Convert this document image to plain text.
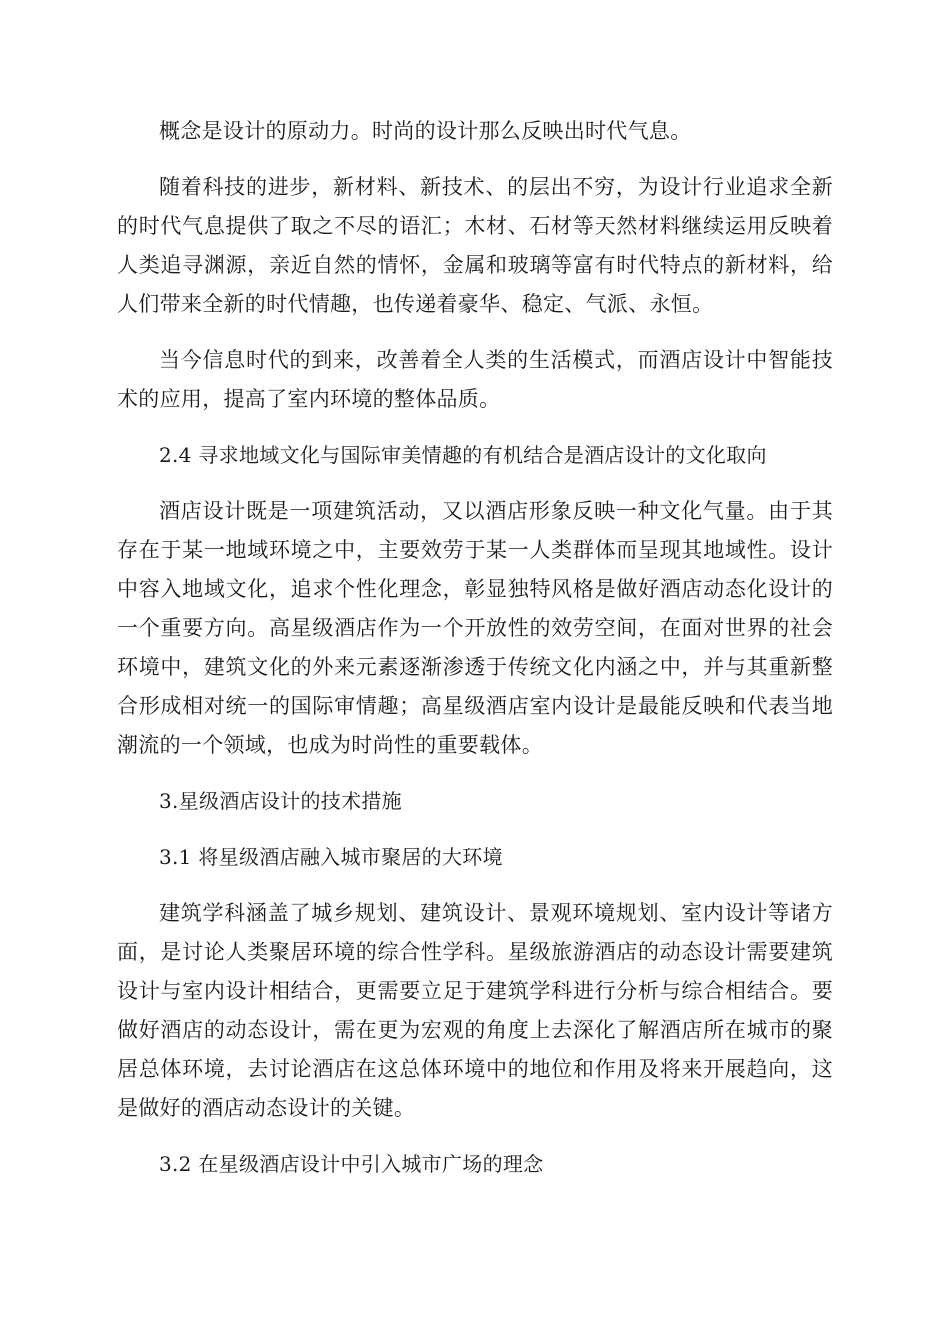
概念是设计的原动力。时尚的设计那么反映出时代气息。

随着科技的进步，新材料、新技术、的层出不穷，为设计行业追求全新的时代气息提供了取之不尽的语汇；木材、石材等天然材料继续运用反映着人类追寻渊源，亲近自然的情怀，金属和玻璃等富有时代特点的新材料，给人们带来全新的时代情趣，也传递着豪华、稳定、气派、永恒。

当今信息时代的到来，改善着全人类的生活模式，而酒店设计中智能技术的应用，提高了室内环境的整体品质。

2.4 寻求地域文化与国际审美情趣的有机结合是酒店设计的文化取向

酒店设计既是一项建筑活动，又以酒店形象反映一种文化气量。由于其存在于某一地域环境之中，主要效劳于某一人类群体而呈现其地域性。设计中容入地域文化，追求个性化理念，彰显独特风格是做好酒店动态化设计的一个重要方向。高星级酒店作为一个开放性的效劳空间，在面对世界的社会环境中，建筑文化的外来元素逐渐渗透于传统文化内涵之中，并与其重新整合形成相对统一的国际审情趣；高星级酒店室内设计是最能反映和代表当地潮流的一个领域，也成为时尚性的重要载体。

3.星级酒店设计的技术措施

3.1 将星级酒店融入城市聚居的大环境

建筑学科涵盖了城乡规划、建筑设计、景观环境规划、室内设计等诸方面，是讨论人类聚居环境的综合性学科。星级旅游酒店的动态设计需要建筑设计与室内设计相结合，更需要立足于建筑学科进行分析与综合相结合。要做好酒店的动态设计，需在更为宏观的角度上去深化了解酒店所在城市的聚居总体环境，去讨论酒店在这总体环境中的地位和作用及将来开展趋向，这是做好的酒店动态设计的关键。

3.2 在星级酒店设计中引入城市广场的理念
